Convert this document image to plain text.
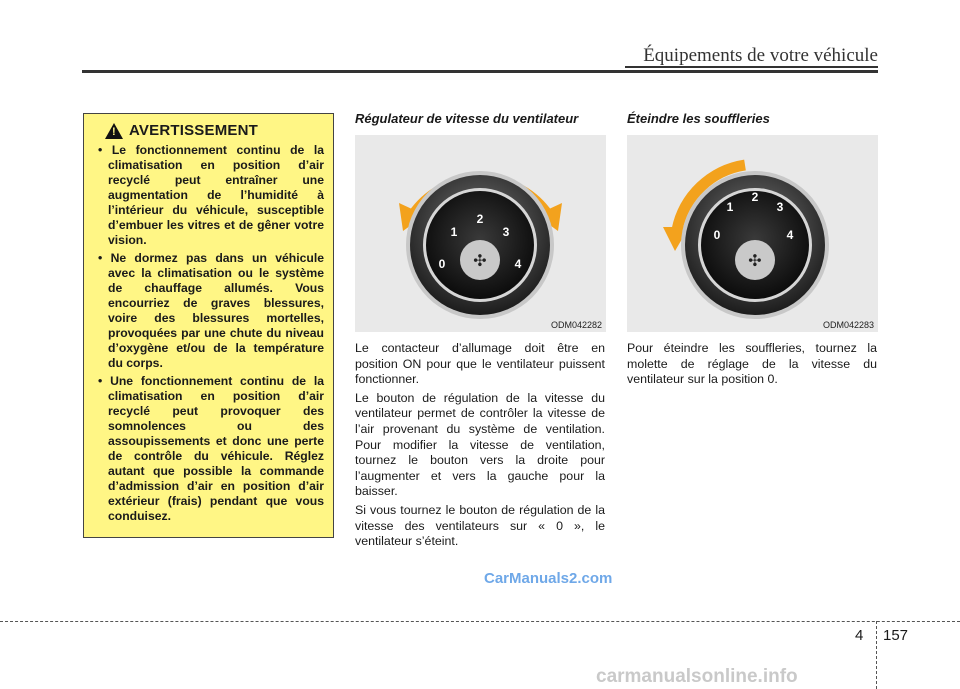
Équipements de votre véhicule
!
AVERTISSEMENT
• Le fonctionnement continu de la climatisation en position d’air recyclé peut entraîner une augmentation de l’humidité à l’intérieur du véhicule, susceptible d’embuer les vitres et de gêner votre vision.
• Ne dormez pas dans un véhicule avec la climatisation ou le système de chauffage allumés. Vous encourriez de graves blessures, voire des blessures mortelles, provoquées par une chute du niveau d’oxygène et/ou de la température du corps.
• Une fonctionnement continu de la climatisation en position d’air recyclé peut provoquer des somnolences ou des assoupissements et donc une perte de contrôle du véhicule. Réglez autant que possible la commande d’admission d’air en position d’air extérieur (frais) pendant que vous conduisez.
Régulateur de vitesse du ventilateur
✣
0
1
2
3
4
ODM042282

Le contacteur d’allumage doit être en position ON pour que le ventilateur puissent fonctionner.

Le bouton de régulation de la vitesse du ventilateur permet de contrôler la vitesse de l’air provenant du système de ventilation. Pour modifier la vitesse de ventilation, tournez le bouton vers la droite pour l’augmenter et vers la gauche pour la baisser.

Si vous tournez le bouton de régulation de la vitesse des ventilateurs sur « 0 », le ventilateur s’éteint.

Éteindre les souffleries
✣
0
1
2
3
4
ODM042283

Pour éteindre les souffleries, tournez la molette de réglage de la vitesse du ventilateur sur la position 0.

CarManuals2.com
4 157
carmanualsonline.info
